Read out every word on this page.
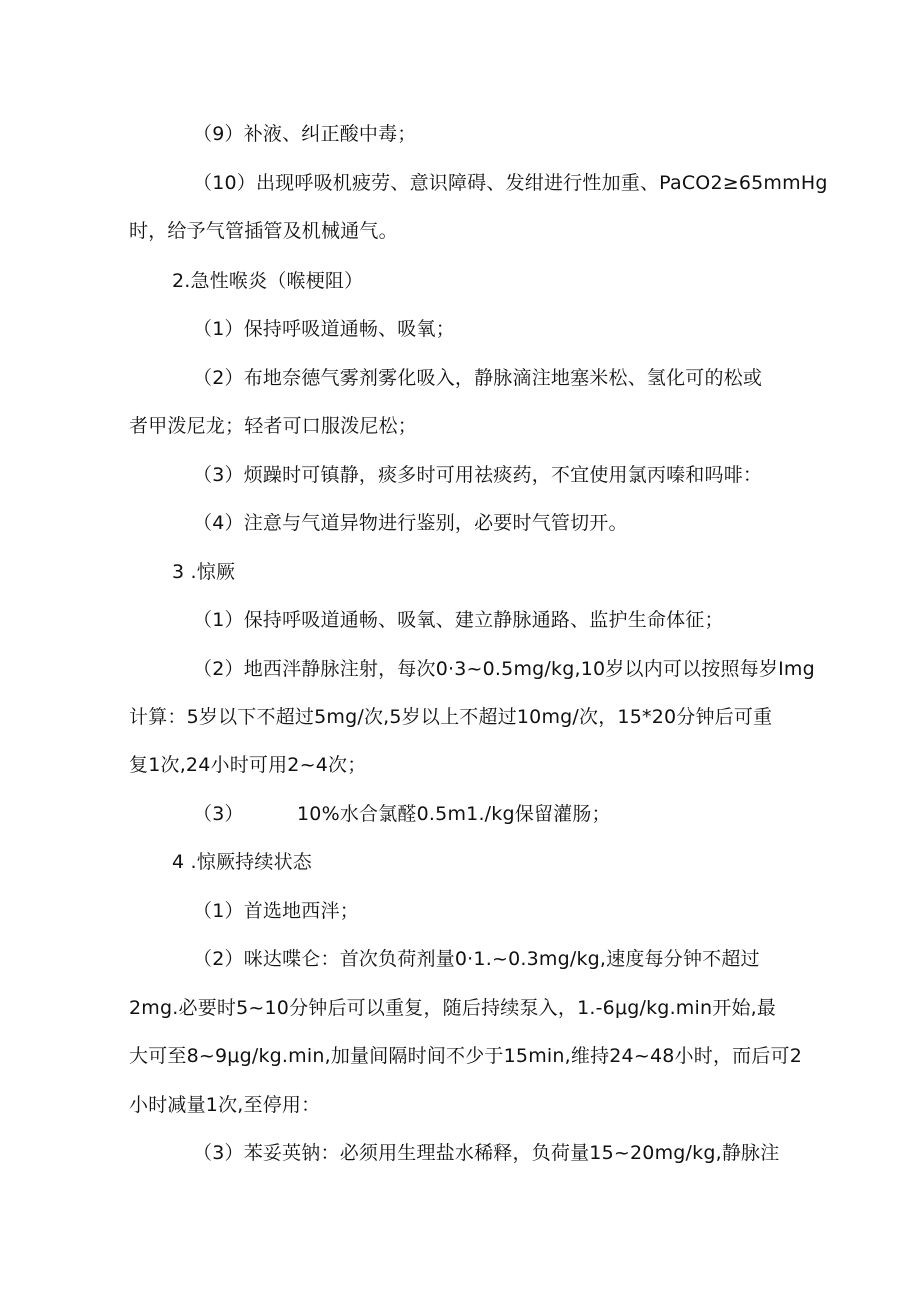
（9）补液、纠正酸中毒；
（10）出现呼吸机疲劳、意识障碍、发绀进行性加重、PaCO2≥65mmHg
时，给予气管插管及机械通气。
2.急性喉炎（喉梗阻）
（1）保持呼吸道通畅、吸氧；
（2）布地奈德气雾剂雾化吸入，静脉滴注地塞米松、氢化可的松或
者甲泼尼龙；轻者可口服泼尼松；
（3）烦躁时可镇静，痰多时可用祛痰药，不宜使用氯丙嗪和吗啡：
（4）注意与气道异物进行鉴别，必要时气管切开。
3 .惊厥
（1）保持呼吸道通畅、吸氧、建立静脉通路、监护生命体征；
（2）地西泮静脉注射，每次0·3~0.5mg∕kg,10岁以内可以按照每岁Img
计算：5岁以下不超过5mg∕次,5岁以上不超过10mg∕次，15*20分钟后可重
复1次,24小时可用2~4次；
（3）	10%水合氯醛0.5m1.∕kg保留灌肠；
4 .惊厥持续状态
（1）首选地西泮；
（2）咪达喋仑：首次负荷剂量0·1.~0.3mg∕kg,速度每分钟不超过
2mg.必要时5~10分钟后可以重复，随后持续泵入，1.-6μg∕kg.min开始,最
大可至8~9μg∕kg.min,加量间隔时间不少于15min,维持24~48小时，而后可2
小时减量1次,至停用：
（3）苯妥英钠：必须用生理盐水稀释，负荷量15~20mg∕kg,静脉注
